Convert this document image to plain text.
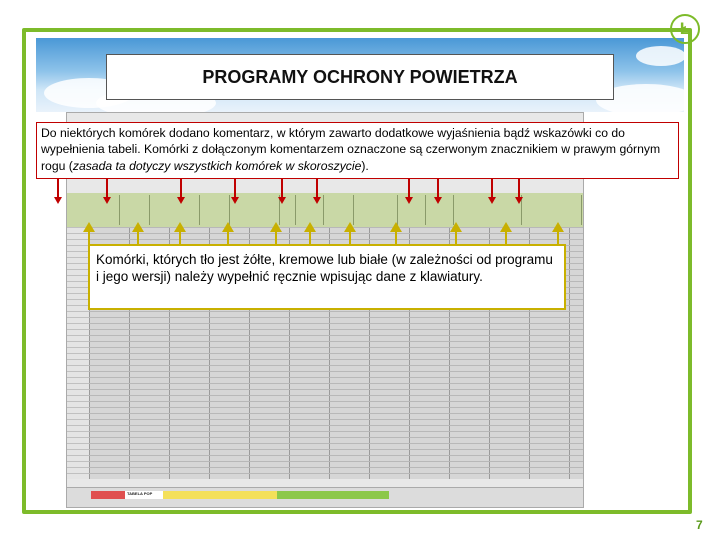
PROGRAMY OCHRONY POWIETRZA
Ł
TABELA POP
Do niektórych komórek dodano komentarz, w którym zawarto dodatkowe wyjaśnienia bądź wskazówki co do wypełnienia tabeli. Komórki z dołączonym komentarzem oznaczone są czerwonym znacznikiem w prawym górnym rogu (zasada ta dotyczy wszystkich komórek w skoroszycie).
Komórki, których tło jest żółte, kremowe lub białe (w zależności od programu i jego wersji) należy wypełnić ręcznie wpisując dane z klawiatury.
7
